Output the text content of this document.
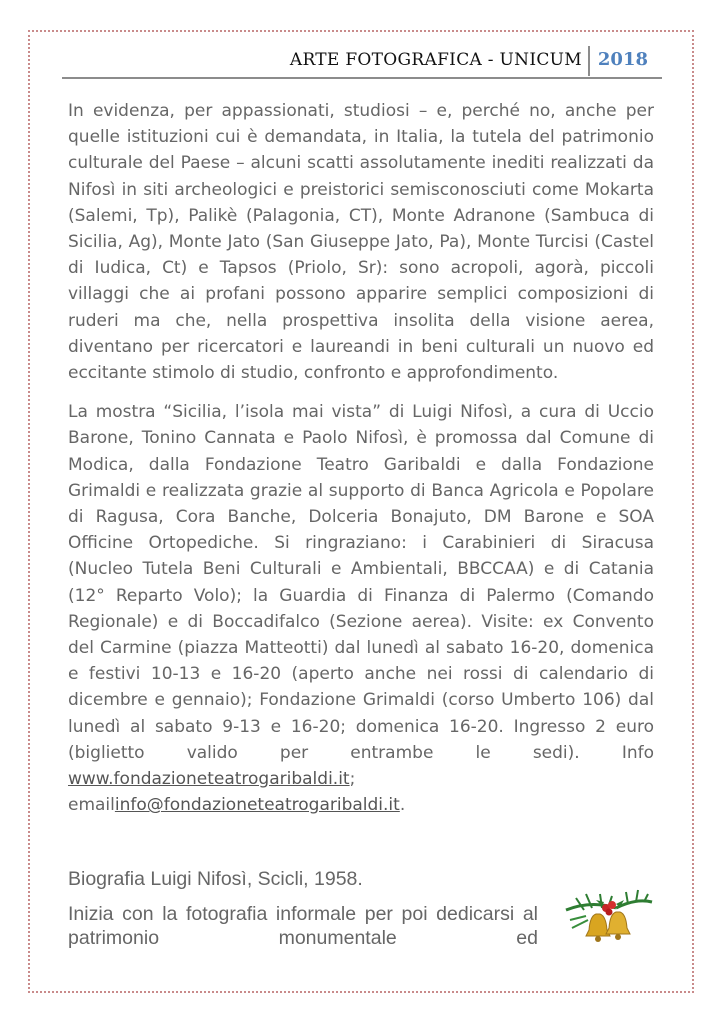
ARTE FOTOGRAFICA - UNICUM 2018

In evidenza, per appassionati, studiosi – e, perché no, anche per quelle istituzioni cui è demandata, in Italia, la tutela del patrimonio culturale del Paese – alcuni scatti assolutamente inediti realizzati da Nifosì in siti archeologici e preistorici semisconosciuti come Mokarta (Salemi, Tp), Palikè (Palagonia, CT), Monte Adranone (Sambuca di Sicilia, Ag), Monte Jato (San Giuseppe Jato, Pa), Monte Turcisi (Castel di Iudica, Ct) e Tapsos (Priolo, Sr): sono acropoli, agorà, piccoli villaggi che ai profani possono apparire semplici composizioni di ruderi ma che, nella prospettiva insolita della visione aerea, diventano per ricercatori e laureandi in beni culturali un nuovo ed eccitante stimolo di studio, confronto e approfondimento.

La mostra “Sicilia, l’isola mai vista” di Luigi Nifosì, a cura di Uccio Barone, Tonino Cannata e Paolo Nifosì, è promossa dal Comune di Modica, dalla Fondazione Teatro Garibaldi e dalla Fondazione Grimaldi e realizzata grazie al supporto di Banca Agricola e Popolare di Ragusa, Cora Banche, Dolceria Bonajuto, DM Barone e SOA Officine Ortopediche. Si ringraziano: i Carabinieri di Siracusa (Nucleo Tutela Beni Culturali e Ambientali, BBCCAA) e di Catania (12° Reparto Volo); la Guardia di Finanza di Palermo (Comando Regionale) e di Boccadifalco (Sezione aerea). Visite: ex Convento del Carmine (piazza Matteotti) dal lunedì al sabato 16-20, domenica e festivi 10-13 e 16-20 (aperto anche nei rossi di calendario di dicembre e gennaio); Fondazione Grimaldi (corso Umberto 106) dal lunedì al sabato 9-13 e 16-20; domenica 16-20. Ingresso 2 euro (biglietto valido per entrambe le sedi). Info www.fondazioneteatrogaribaldi.it; emailinfo@fondazioneteatrogaribaldi.it.

Biografia Luigi Nifosì, Scicli, 1958.
Inizia con la fotografia informale per poi dedicarsi al patrimonio monumentale ed
